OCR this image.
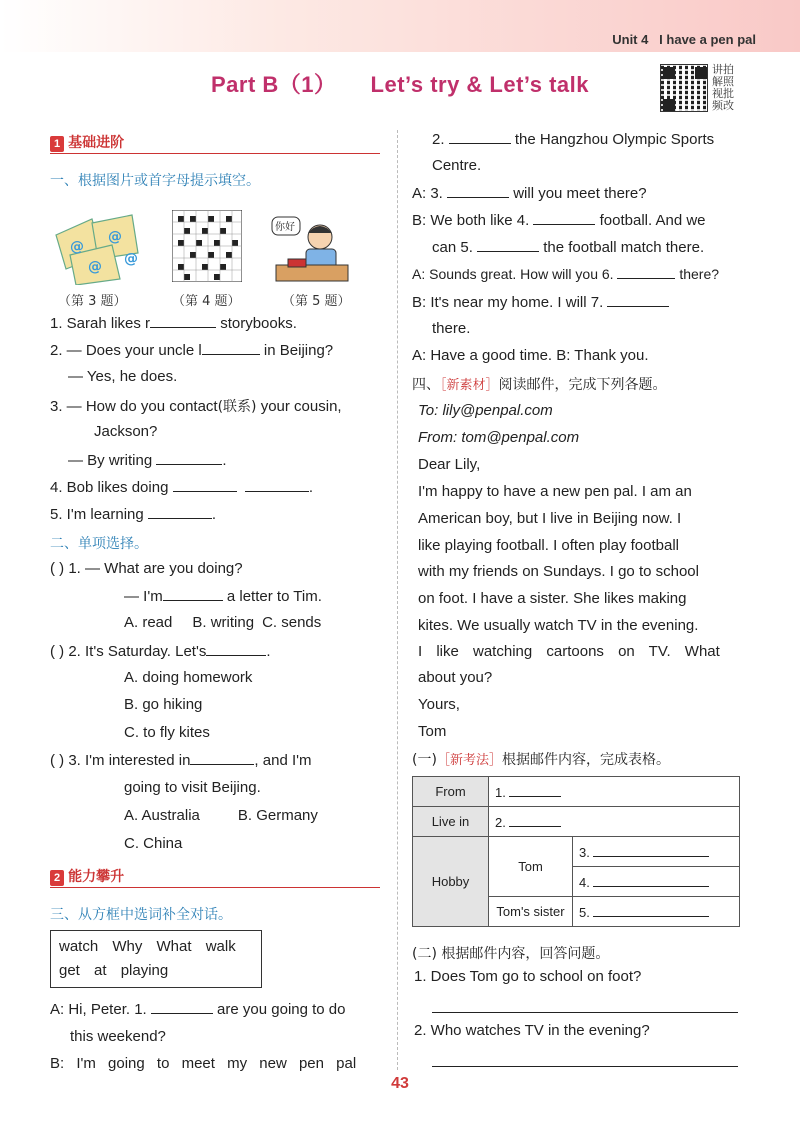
Unit 4   I have a pen pal
Part B（1） Let’s try & Let’s talk
讲拍解照视批频改
1 基础进阶
一、根据图片或首字母提示填空。
@
@
@ @
你好
（第 3 题）	（第 4 题）	（第 5 题）
1. Sarah likes r	storybooks.
2. — Does your uncle l	in Beijing?
— Yes, he does.
3. — How do you contact(联系) your cousin,
Jackson?
— By writing	.
4. Bob likes doing	.
5. I'm learning	.
二、单项选择。
( ) 1. — What are you doing?
— I'm	a letter to Tim.
A. read B. writing C. sends
( ) 2. It's Saturday. Let's	.
A. doing homework
B. go hiking
C. to fly kites
( ) 3. I'm interested in	, and I'm
going to visit Beijing.
A. Australia	B. Germany
C. China
2 能力攀升
三、从方框中选词补全对话。
watch Why What walk
get at playing
A: Hi, Peter. 1.	are you going to do
this weekend?
B: I'm going to meet my new pen pal
2.	the Hangzhou Olympic Sports
Centre.
A: 3.	will you meet there?
B: We both like 4.	football. And we
can 5.	the football match there.
A: Sounds great. How will you 6.	there?
B: It's near my home. I will 7.
there.
A: Have a good time. B: Thank you.
四、［新素材］阅读邮件，完成下列各题。
To: lily@penpal.com
From: tom@penpal.com
Dear Lily,
I'm happy to have a new pen pal. I am an
American boy, but I live in Beijing now. I
like playing football. I often play football
with my friends on Sundays. I go to school
on foot. I have a sister. She likes making
kites. We usually watch TV in the evening.
I like watching cartoons on TV. What
about you?
Yours,
Tom
(一)［新考法］根据邮件内容，完成表格。
From	1.	
Live in	2.	
Hobby	Tom	3.
		4.
	Tom's sister	5.
(二) 根据邮件内容，回答问题。
1. Does Tom go to school on foot?
2. Who watches TV in the evening?
43
